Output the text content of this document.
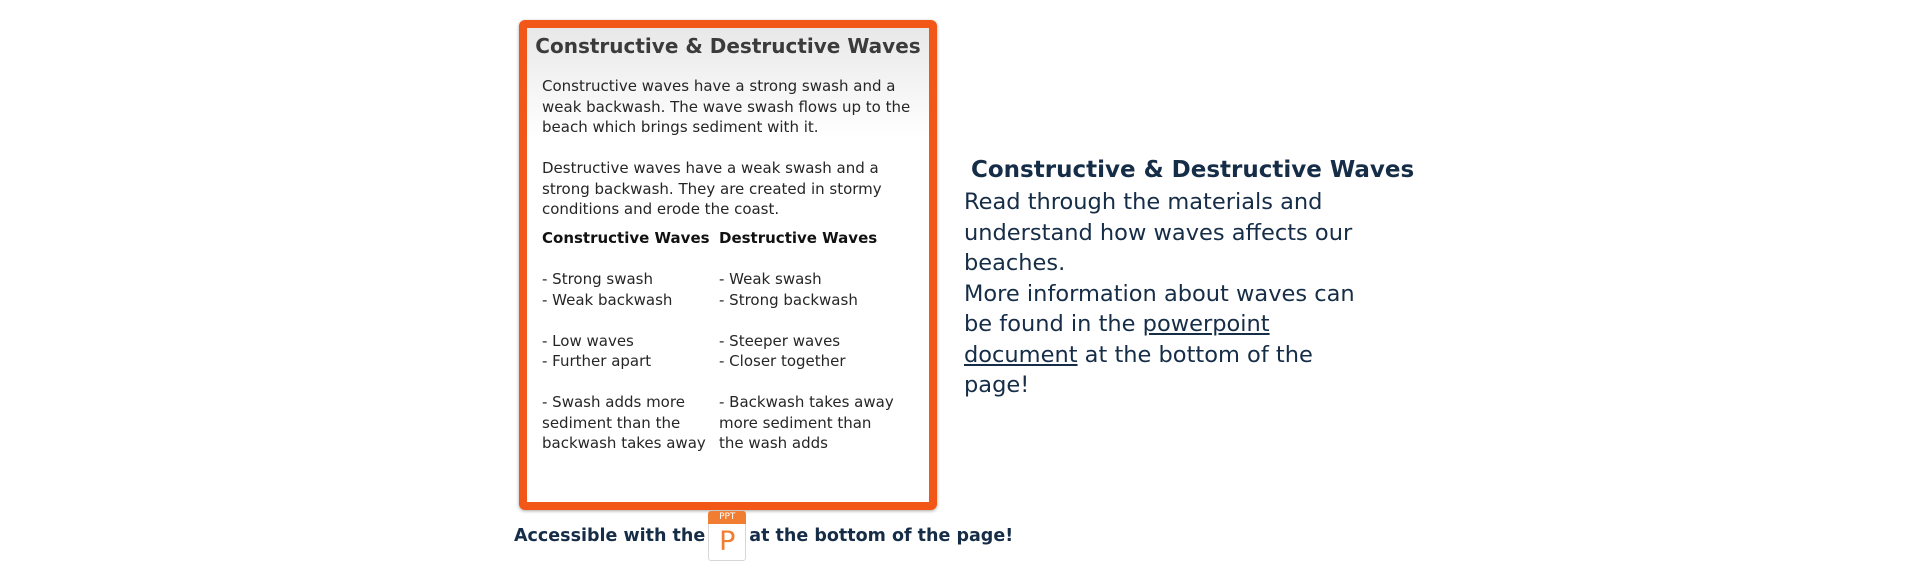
Constructive & Destructive Waves
Constructive waves have a strong swash and a weak backwash. The wave swash flows up to the beach which brings sediment with it.
Destructive waves have a weak swash and a strong backwash. They are created in stormy conditions and erode the coast.
Constructive Waves
- Strong swash
- Weak backwash
- Low waves
- Further apart
- Swash adds more sediment than the backwash takes away
Destructive Waves
- Weak swash
- Strong backwash
- Steeper waves
- Closer together
- Backwash takes away more sediment than the wash adds
Constructive & Destructive Waves
Read through the materials and understand how waves affects our beaches.
More information about waves can be found in the powerpoint document at the bottom of the page!
Accessible with the
PPT
P at the bottom of the page!
